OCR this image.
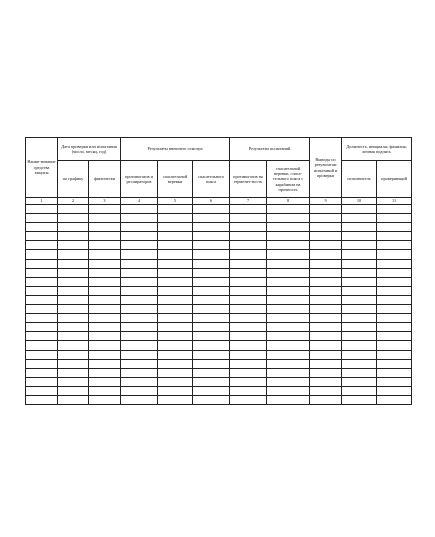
Наиме-нование средства защиты	Дата проверки или испытания (число, месяц, год)		Результаты внешнего осмотра			Результаты испытаний		Выводы по результатам испытаний и проверки	Должность, инициалы, фамилия, личная подпись	
	по графику	фактически	противогазов и респираторов	спасательной веревки	спасательного пояса	противогазов на герметич-ность	спасательной веревки, спаса-тельного пояса с карабином на прочность		исполнитель	проверяющий
1	2	3	4	5	6	7	8	9	10	11
